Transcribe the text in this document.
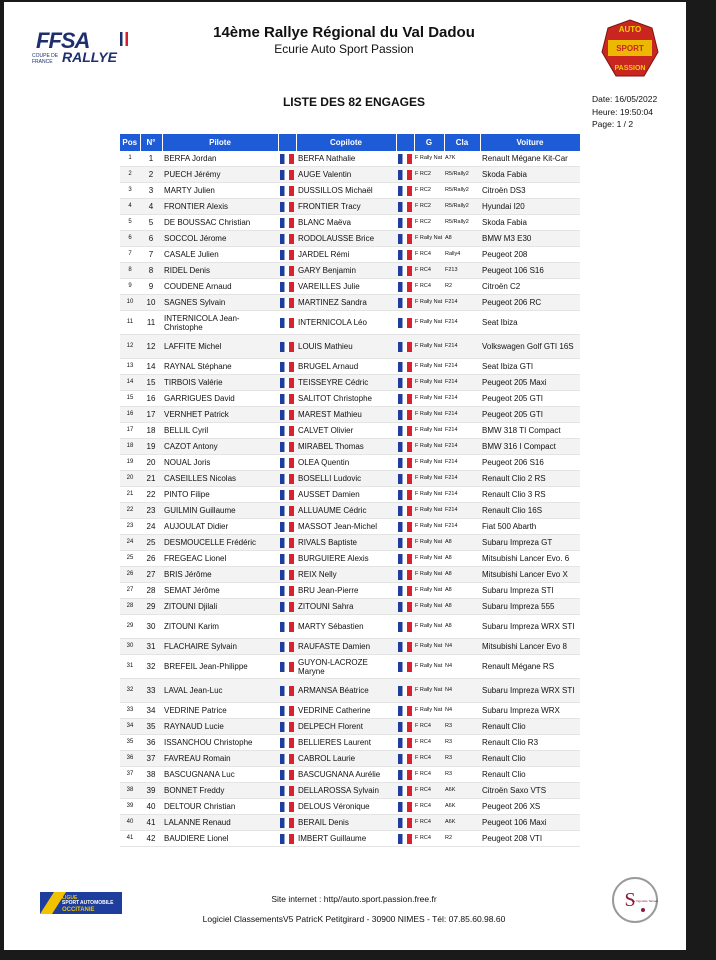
FFSA
COUPE DE FRANCE RALLYE
14ème Rallye Régional du Val Dadou
Ecurie Auto Sport Passion
AUTO
SPORT
PASSION
LISTE DES 82 ENGAGES	Date: 16/05/2022
Heure: 19:50:04
Page: 1 / 2
Pos	N°	Pilote		Copilote		G	Cla	Voiture
1	1	BERFA Jordan		BERFA Nathalie		F Rally Nat	A7K	Renault Mégane Kit-Car
2	2	PUECH Jérémy		AUGE Valentin		F RC2	R5/Rally2	Skoda Fabia
3	3	MARTY Julien		DUSSILLOS Michaël		F RC2	R5/Rally2	Citroën DS3
4	4	FRONTIER Alexis		FRONTIER Tracy		F RC2	R5/Rally2	Hyundai I20
5	5	DE BOUSSAC Christian		BLANC Maëva		F RC2	R5/Rally2	Skoda Fabia
6	6	SOCCOL Jérome		RODOLAUSSE Brice		F Rally Nat	A8	BMW M3 E30
7	7	CASALE Julien		JARDEL Rémi		F RC4	Rally4	Peugeot 208
8	8	RIDEL Denis		GARY Benjamin		F RC4	F213	Peugeot 106 S16
9	9	COUDENE Arnaud		VAREILLES Julie		F RC4	R2	Citroën C2
10	10	SAGNES Sylvain		MARTINEZ Sandra		F Rally Nat	F214	Peugeot 206 RC
11	11	INTERNICOLA Jean-Christophe		INTERNICOLA Léo		F Rally Nat	F214	Seat Ibiza
12	12	LAFFITE Michel		LOUIS Mathieu		F Rally Nat	F214	Volkswagen Golf GTI 16S
13	14	RAYNAL Stéphane		BRUGEL Arnaud		F Rally Nat	F214	Seat Ibiza GTI
14	15	TIRBOIS Valérie		TEISSEYRE Cédric		F Rally Nat	F214	Peugeot 205 Maxi
15	16	GARRIGUES David		SALITOT Christophe		F Rally Nat	F214	Peugeot 205 GTI
16	17	VERNHET Patrick		MAREST Mathieu		F Rally Nat	F214	Peugeot 205 GTI
17	18	BELLIL Cyril		CALVET Olivier		F Rally Nat	F214	BMW 318 TI Compact
18	19	CAZOT Antony		MIRABEL Thomas		F Rally Nat	F214	BMW 316 I Compact
19	20	NOUAL Joris		OLEA Quentin		F Rally Nat	F214	Peugeot 206 S16
20	21	CASEILLES Nicolas		BOSELLI Ludovic		F Rally Nat	F214	Renault Clio 2 RS
21	22	PINTO Filipe		AUSSET Damien		F Rally Nat	F214	Renault Clio 3 RS
22	23	GUILMIN Guillaume		ALLUAUME Cédric		F Rally Nat	F214	Renault Clio 16S
23	24	AUJOULAT Didier		MASSOT Jean-Michel		F Rally Nat	F214	Fiat 500 Abarth
24	25	DESMOUCELLE Frédéric		RIVALS Baptiste		F Rally Nat	A8	Subaru Impreza GT
25	26	FREGEAC Lionel		BURGUIERE Alexis		F Rally Nat	A8	Mitsubishi Lancer Evo. 6
26	27	BRIS Jérôme		REIX Nelly		F Rally Nat	A8	Mitsubishi Lancer Evo X
27	28	SEMAT Jérôme		BRU Jean-Pierre		F Rally Nat	A8	Subaru Impreza STI
28	29	ZITOUNI Djilali		ZITOUNI Sahra		F Rally Nat	A8	Subaru Impreza 555
29	30	ZITOUNI Karim		MARTY Sébastien		F Rally Nat	A8	Subaru Impreza WRX STI
30	31	FLACHAIRE Sylvain		RAUFASTE Damien		F Rally Nat	N4	Mitsubishi Lancer Evo 8
31	32	BREFEIL Jean-Philippe		GUYON-LACROZE Maryne		F Rally Nat	N4	Renault Mégane RS
32	33	LAVAL Jean-Luc		ARMANSA Béatrice		F Rally Nat	N4	Subaru Impreza WRX STI
33	34	VEDRINE Patrice		VEDRINE Catherine		F Rally Nat	N4	Subaru Impreza WRX
34	35	RAYNAUD Lucie		DELPECH Florent		F RC4	R3	Renault Clio
35	36	ISSANCHOU Christophe		BELLIERES Laurent		F RC4	R3	Renault Clio R3
36	37	FAVREAU Romain		CABROL Laurie		F RC4	R3	Renault Clio
37	38	BASCUGNANA Luc		BASCUGNANA Aurélie		F RC4	R3	Renault Clio
38	39	BONNET Freddy		DELLAROSSA Sylvain		F RC4	A6K	Citroën Saxo VTS
39	40	DELTOUR Christian		DELOUS Véronique		F RC4	A6K	Peugeot 206 XS
40	41	LALANNE Renaud		BERAIL Denis		F RC4	A6K	Peugeot 106 Maxi
41	42	BAUDIERE Lionel		IMBERT Guillaume		F RC4	R2	Peugeot 208 VTI
LIGUE
SPORT AUTOMOBILE
OCCITANIE
Site internet : http//auto.sport.passion.free.fr
Logiciel ClassementsV5 PatricK Petitgirard - 30900 NIMES - Tél: 07.85.60.98.60
S
du Vignoble Tarnais
